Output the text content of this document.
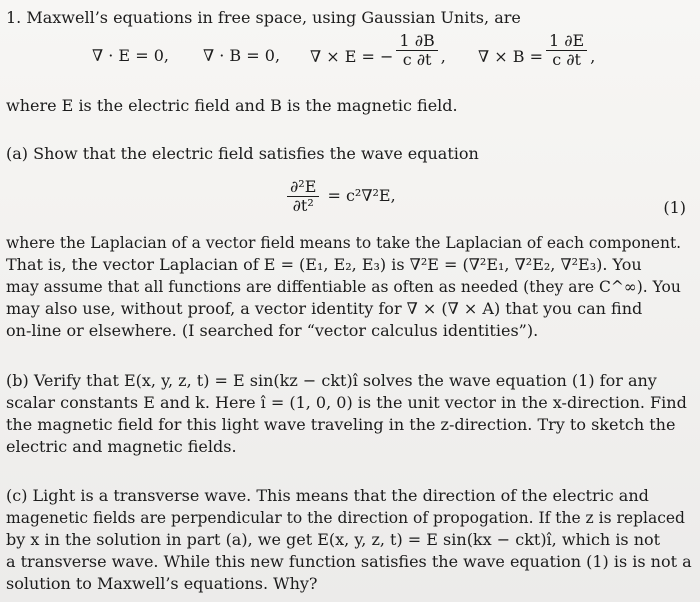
1. Maxwell’s equations in free space, using Gaussian Units, are
∇ · E = 0, ∇ · B = 0, ∇ × E = − $\frac{1 \partial B}{c \partial t}$ , ∇ × $B = \frac{1 \partial E}{c \partial t}$ ,
where E is the electric field and B is the magnetic field.
(a) Show that the electric field satisfies the wave equation
$\frac{\text{∂²E}}{\text{∂t²}} = c^2\nabla^2E$,
(1)
where the Laplacian of a vector field means to take the Laplacian of each component.
That is, the vector Laplacian of E = (E₁, E₂, E₃) is ∇²E = (∇²E₁, ∇²E₂, ∇²E₃). You
may assume that all functions are diffentiable as often as needed (they are C^∞). You
may also use, without proof, a vector identity for ∇ × (∇ × A) that you can find
on-line or elsewhere. (I searched for “vector calculus identities”).
(b) Verify that E(x, y, z, t) = E sin(kz − ckt)î solves the wave equation (1) for any
scalar constants E and k. Here î = (1, 0, 0) is the unit vector in the x-direction. Find
the magnetic field for this light wave traveling in the z-direction. Try to sketch the
electric and magnetic fields.
(c) Light is a transverse wave. This means that the direction of the electric and
magenetic fields are perpendicular to the direction of propogation. If the z is replaced
by x in the solution in part (a), we get E(x, y, z, t) = E sin(kx − ckt)î, which is not
a transverse wave. While this new function satisfies the wave equation (1) is is not a
solution to Maxwell’s equations. Why?
